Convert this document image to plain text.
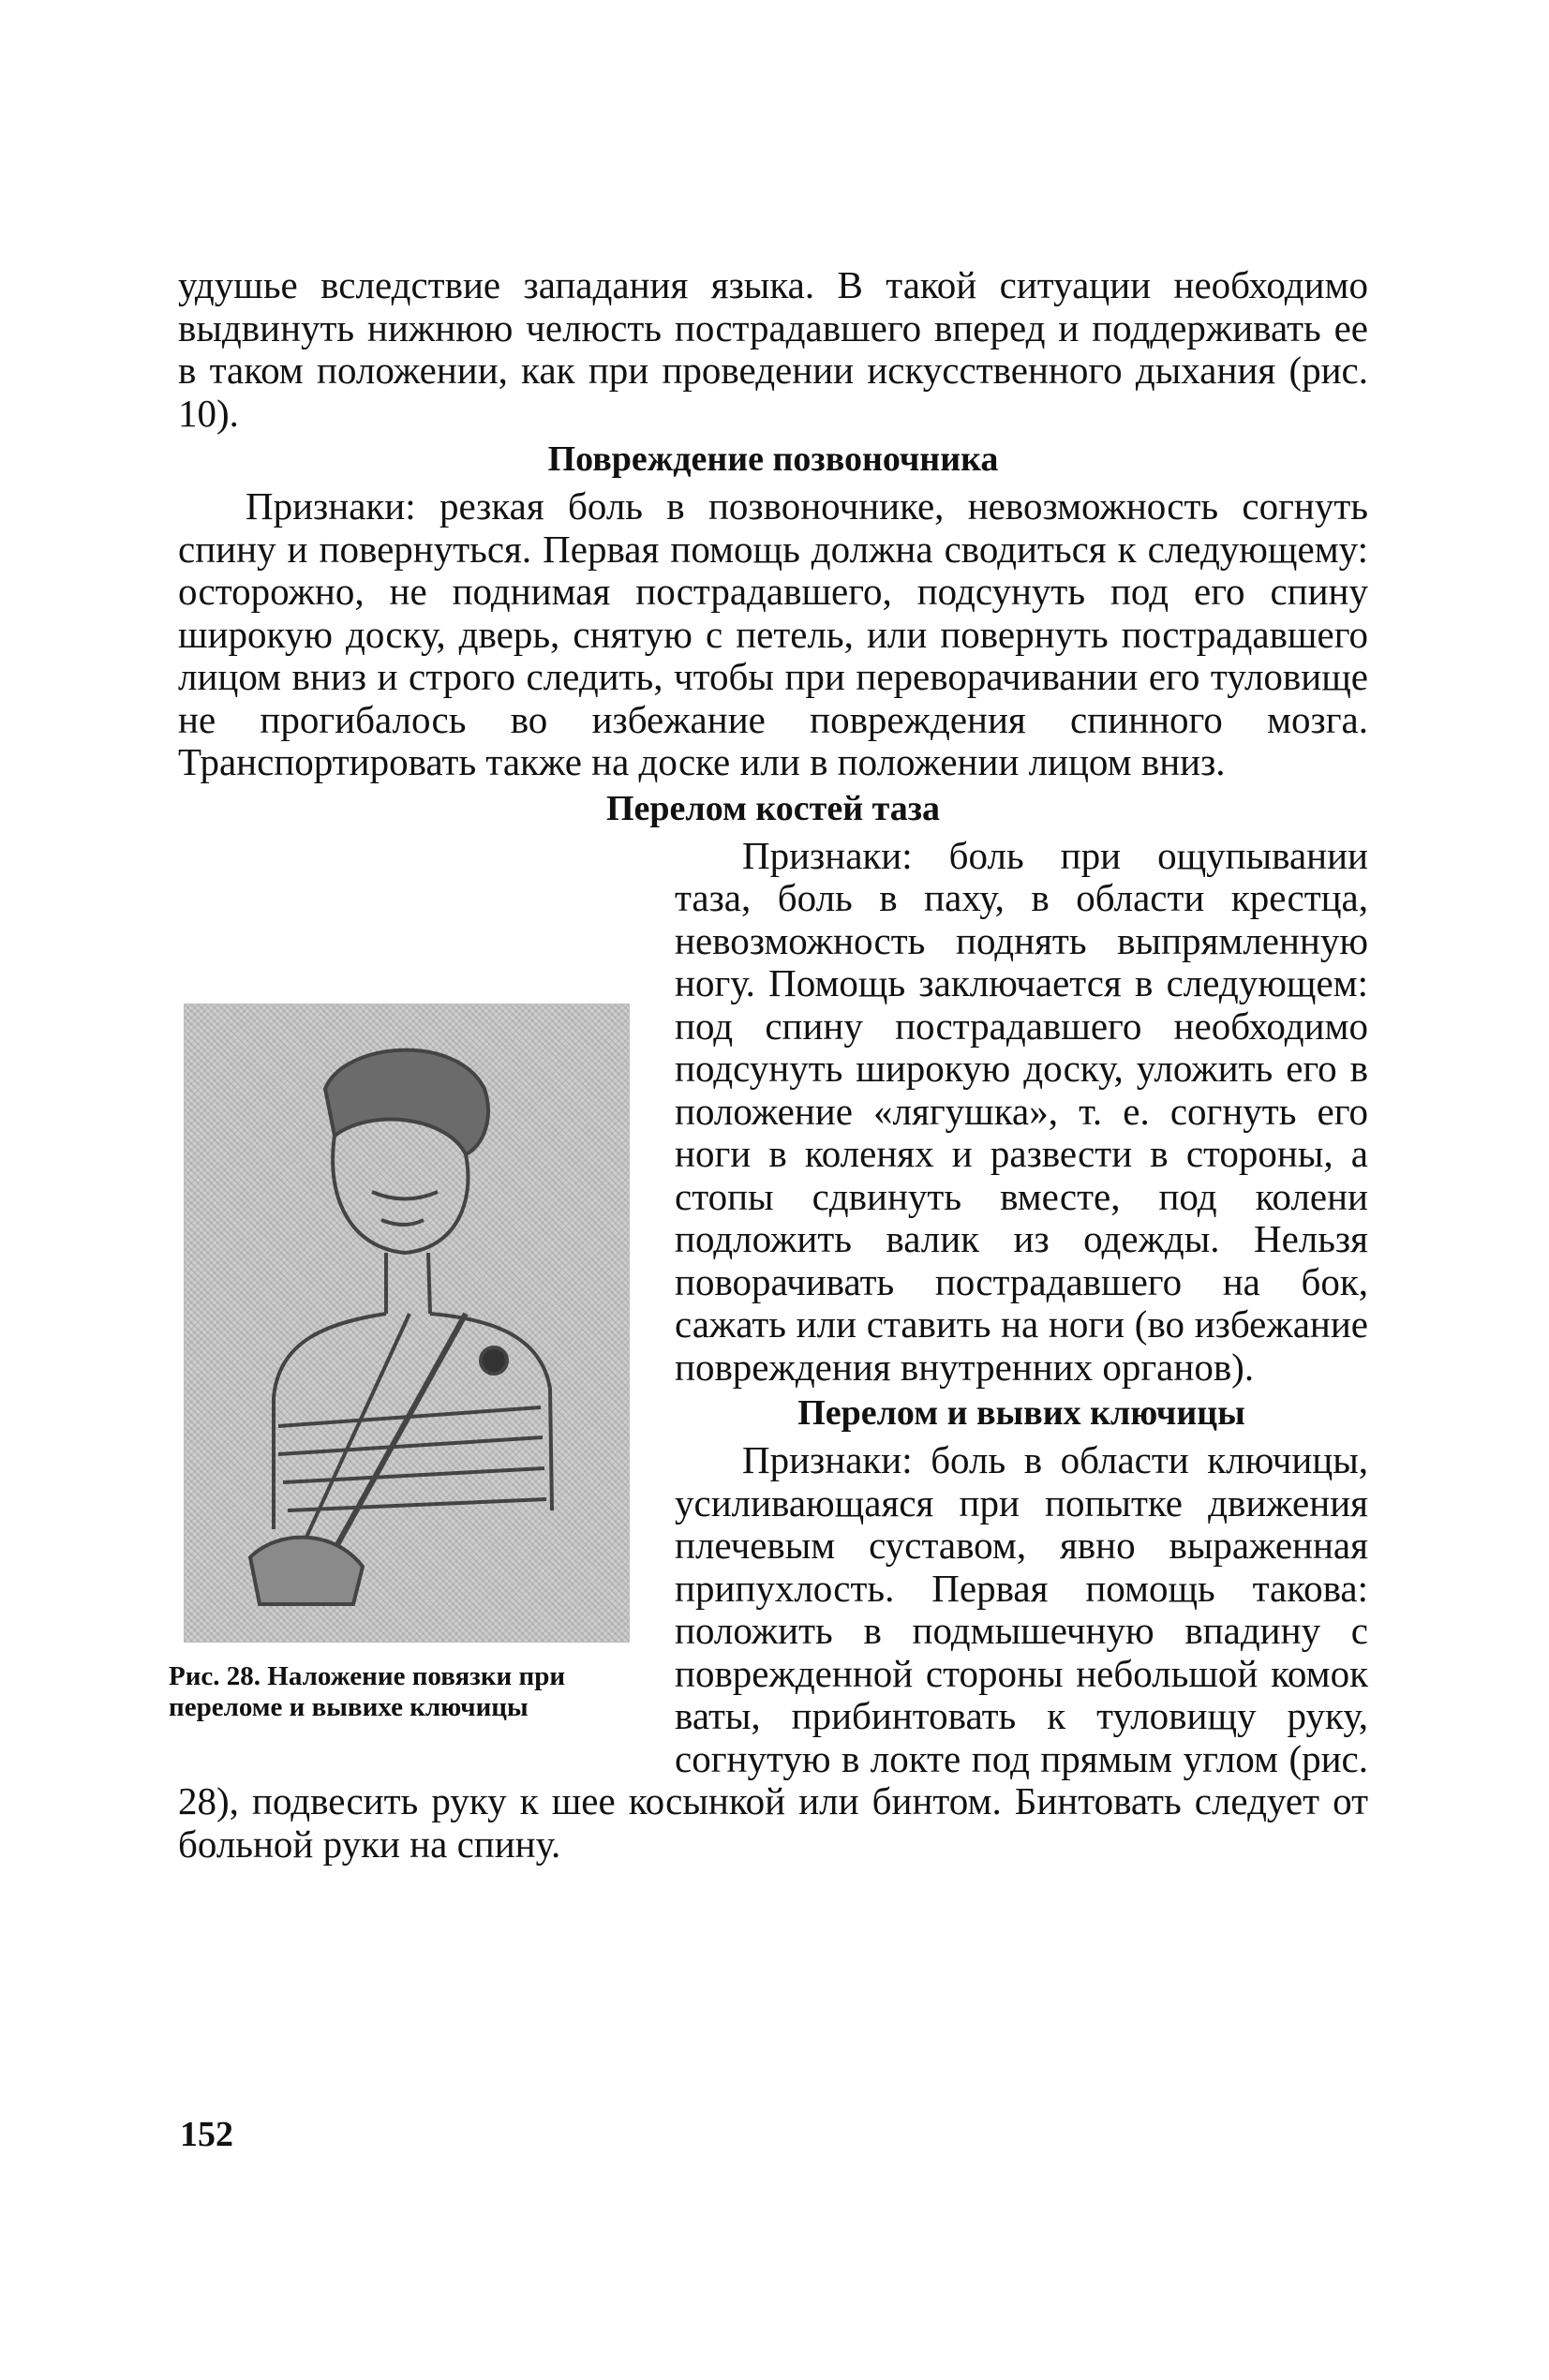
удушье вследствие западания языка. В такой ситуации необходимо выдвинуть нижнюю челюсть пострадавшего вперед и поддерживать ее в таком положении, как при проведении искусственного дыхания (рис. 10).

Повреждение позвоночника

Признаки: резкая боль в позвоночнике, невозможность согнуть спину и повернуться. Первая помощь должна сводиться к следующему: осторожно, не поднимая пострадавшего, подсунуть под его спину широкую доску, дверь, снятую с петель, или повернуть пострадавшего лицом вниз и строго следить, чтобы при переворачивании его туловище не прогибалось во избежание повреждения спинного мозга. Транспортировать также на доске или в положении лицом вниз.

Перелом костей таза
Рис. 28. Наложение повязки при переломе и вывихе ключицы

Признаки: боль при ощупывании таза, боль в паху, в области крестца, невозможность поднять выпрямленную ногу. Помощь заключается в следующем: под спину пострадавшего необходимо подсунуть широкую доску, уложить его в положение «лягушка», т. е. согнуть его ноги в коленях и развести в стороны, а стопы сдвинуть вместе, под колени подложить валик из одежды. Нельзя поворачивать пострадавшего на бок, сажать или ставить на ноги (во избежание повреждения внутренних органов).

Перелом и вывих ключицы

Признаки: боль в области ключицы, усиливающаяся при попытке движения плечевым суставом, явно выраженная припухлость. Первая помощь такова: положить в подмышечную впадину с поврежденной стороны небольшой комок ваты, прибинтовать к туловищу руку, согнутую в локте под прямым углом (рис. 28), подвесить руку к шее косынкой или бинтом. Бинтовать следует от больной руки на спину.

152
